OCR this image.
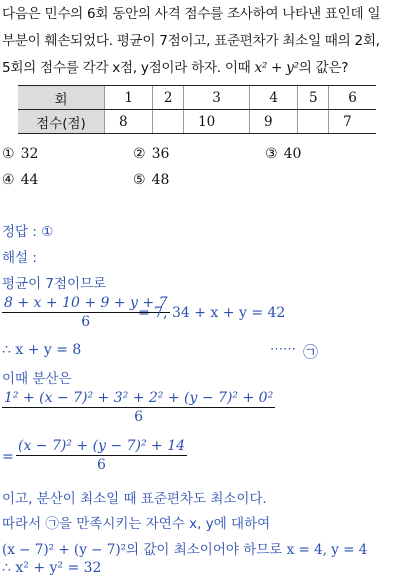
다음은 민수의 6회 동안의 사격 점수를 조사하여 나타낸 표인데 일
부분이 훼손되었다. 평균이 7점이고, 표준편차가 최소일 때의 2회,
5회의 점수를 각각 x점, y점이라 하자. 이때 x² + y²의 값은?
회	1	2	3	4	5	6
점수(점)	8		10	9		7
① 32	② 36	③ 40
④ 44	⑤ 48
정답 : ①
해설 :
평균이 7점이므로
$\frac{8 + x + 10 + 9 + y + 7}{6}$
= 7, 34 + x + y = 42
∴ x + y = 8	⋯⋯ ㉠
이때 분산은
$\frac{\text{1² + (x − 7)² + 3² + 2² + (y − 7)² + 0²}}{6}$
= $\frac{\text{(x − 7)² + (y − 7)² + 14}}{6}$
이고, 분산이 최소일 때 표준편차도 최소이다.
따라서 ㉠을 만족시키는 자연수 x, y에 대하여
(x − 7)² + (y − 7)²의 값이 최소이어야 하므로 x = 4, y = 4
∴ x² + y² = 32
